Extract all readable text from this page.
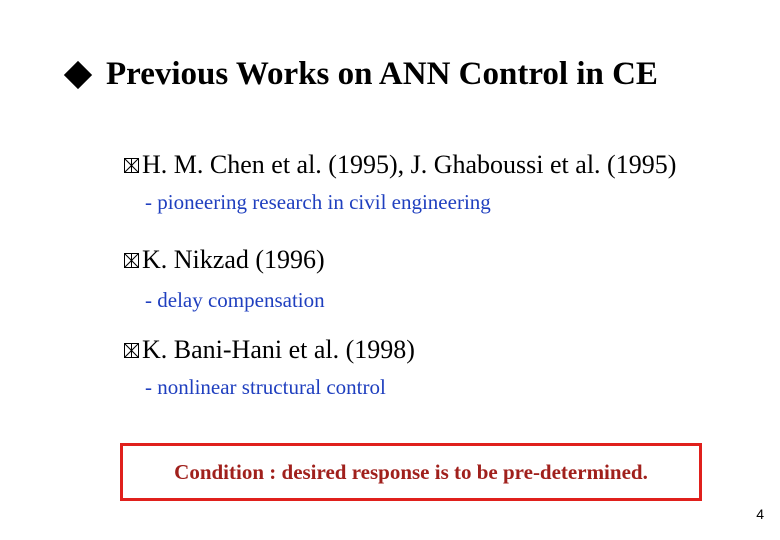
Previous Works on ANN Control in CE
H. M. Chen et al. (1995), J. Ghaboussi et al. (1995)
- pioneering research in civil engineering
K. Nikzad (1996)
- delay compensation
K. Bani-Hani et al. (1998)
- nonlinear structural control
Condition : desired response is to be pre-determined.
4
